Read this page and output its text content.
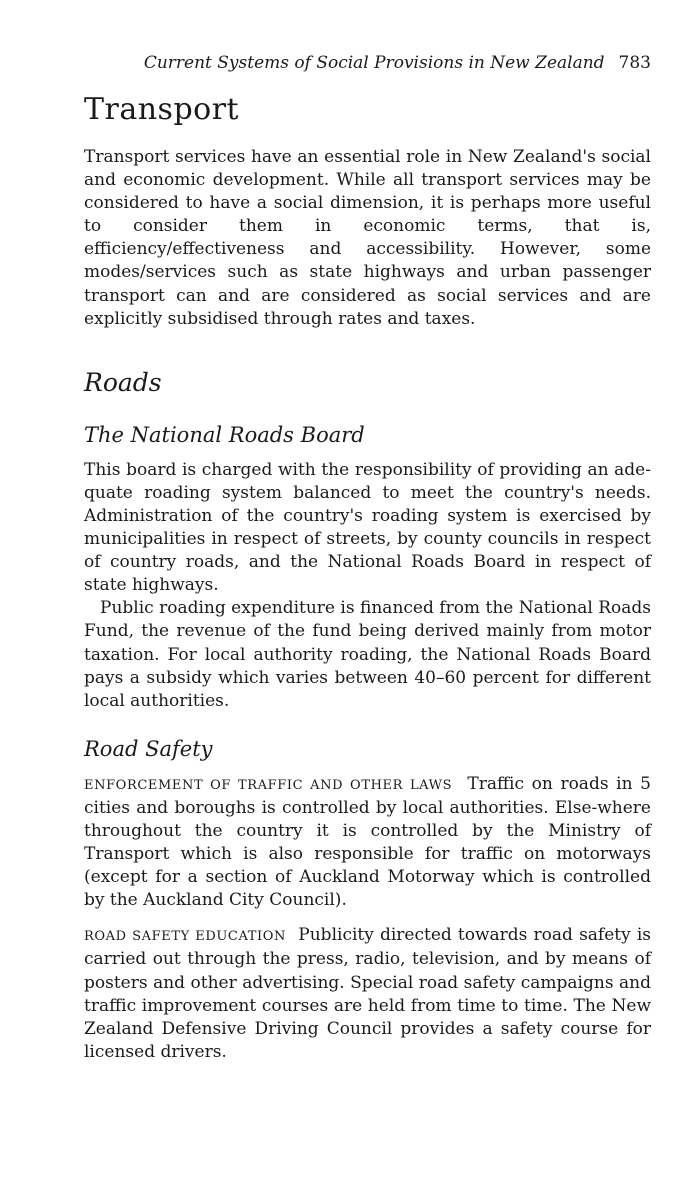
Current Systems of Social Provisions in New Zealand 783
Transport

Transport services have an essential role in New Zealand's social and economic development. While all transport services may be considered to have a social dimension, it is perhaps more useful to consider them in economic terms, that is, efficiency/effectiveness and accessibility. However, some modes/services such as state highways and urban passenger transport can and are considered as social services and are explicitly subsidised through rates and taxes.

Roads
The National Roads Board

This board is charged with the responsibility of providing an ade-quate roading system balanced to meet the country's needs. Administration of the country's roading system is exercised by municipalities in respect of streets, by county councils in respect of country roads, and the National Roads Board in respect of state highways.

Public roading expenditure is financed from the National Roads Fund, the revenue of the fund being derived mainly from motor taxation. For local authority roading, the National Roads Board pays a subsidy which varies between 40–60 percent for different local authorities.

Road Safety

ENFORCEMENT OF TRAFFIC AND OTHER LAWS Traffic on roads in 5 cities and boroughs is controlled by local authorities. Else-where throughout the country it is controlled by the Ministry of Transport which is also responsible for traffic on motorways (except for a section of Auckland Motorway which is controlled by the Auckland City Council).

ROAD SAFETY EDUCATION Publicity directed towards road safety is carried out through the press, radio, television, and by means of posters and other advertising. Special road safety campaigns and traffic improvement courses are held from time to time. The New Zealand Defensive Driving Council provides a safety course for licensed drivers.
